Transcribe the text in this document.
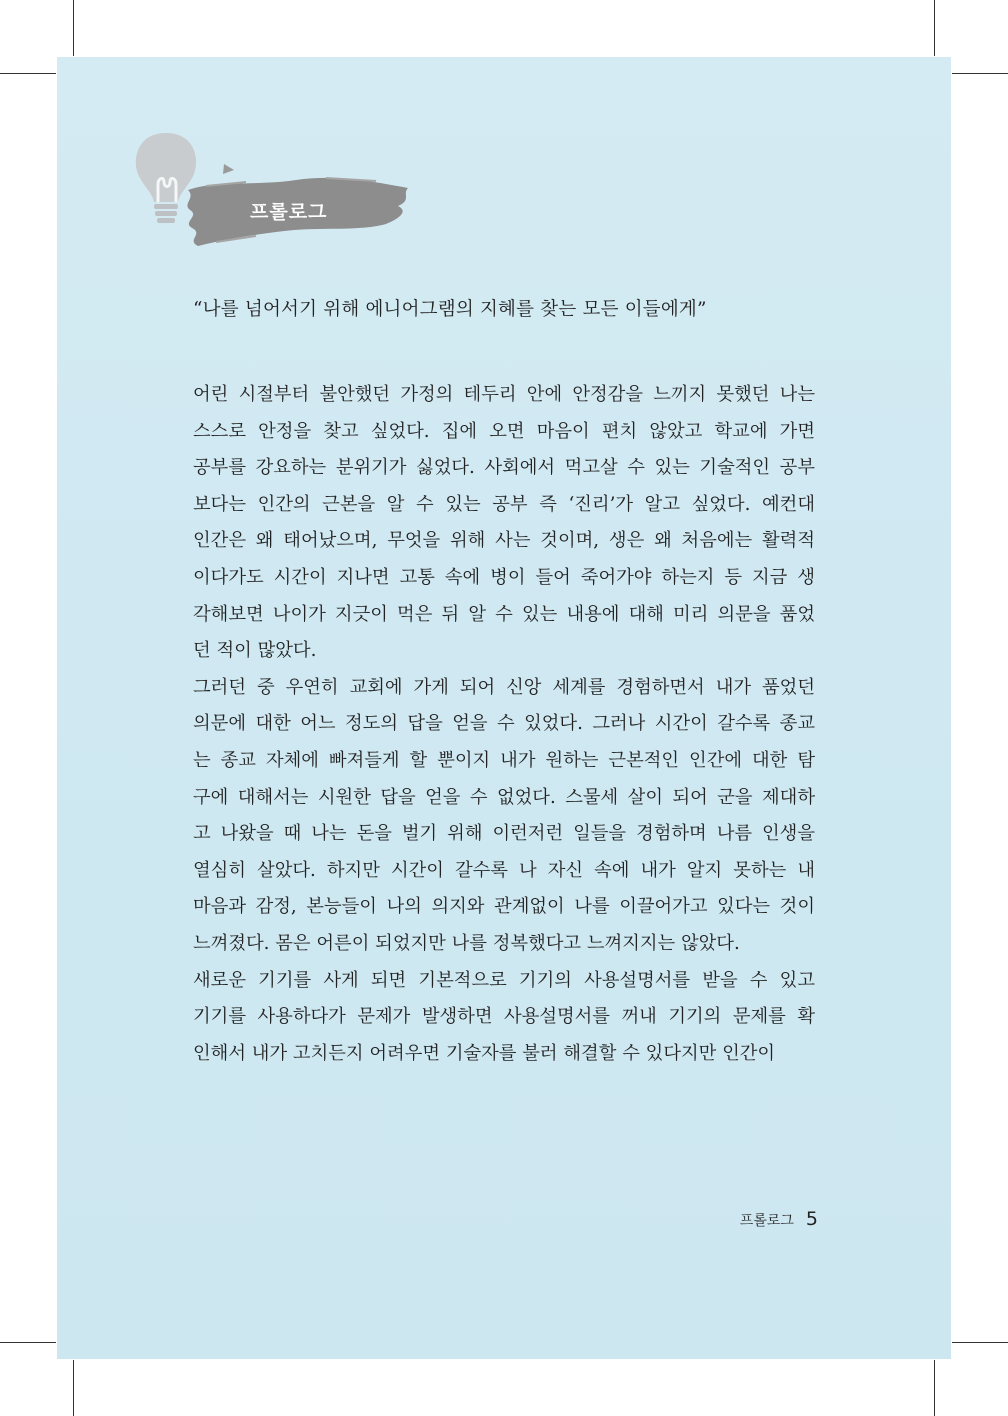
프롤로그
“나를 넘어서기 위해 에니어그램의 지혜를 찾는 모든 이들에게”
어린 시절부터 불안했던 가정의 테두리 안에 안정감을 느끼지 못했던 나는
스스로 안정을 찾고 싶었다. 집에 오면 마음이 편치 않았고 학교에 가면
공부를 강요하는 분위기가 싫었다. 사회에서 먹고살 수 있는 기술적인 공부
보다는 인간의 근본을 알 수 있는 공부 즉 ‘진리’가 알고 싶었다. 예컨대
인간은 왜 태어났으며, 무엇을 위해 사는 것이며, 생은 왜 처음에는 활력적
이다가도 시간이 지나면 고통 속에 병이 들어 죽어가야 하는지 등 지금 생
각해보면 나이가 지긋이 먹은 뒤 알 수 있는 내용에 대해 미리 의문을 품었
던 적이 많았다.
그러던 중 우연히 교회에 가게 되어 신앙 세계를 경험하면서 내가 품었던
의문에 대한 어느 정도의 답을 얻을 수 있었다. 그러나 시간이 갈수록 종교
는 종교 자체에 빠져들게 할 뿐이지 내가 원하는 근본적인 인간에 대한 탐
구에 대해서는 시원한 답을 얻을 수 없었다. 스물세 살이 되어 군을 제대하
고 나왔을 때 나는 돈을 벌기 위해 이런저런 일들을 경험하며 나름 인생을
열심히 살았다. 하지만 시간이 갈수록 나 자신 속에 내가 알지 못하는 내
마음과 감정, 본능들이 나의 의지와 관계없이 나를 이끌어가고 있다는 것이
느껴졌다. 몸은 어른이 되었지만 나를 정복했다고 느껴지지는 않았다.
새로운 기기를 사게 되면 기본적으로 기기의 사용설명서를 받을 수 있고
기기를 사용하다가 문제가 발생하면 사용설명서를 꺼내 기기의 문제를 확
인해서 내가 고치든지 어려우면 기술자를 불러 해결할 수 있다지만 인간이
프롤로그 5
